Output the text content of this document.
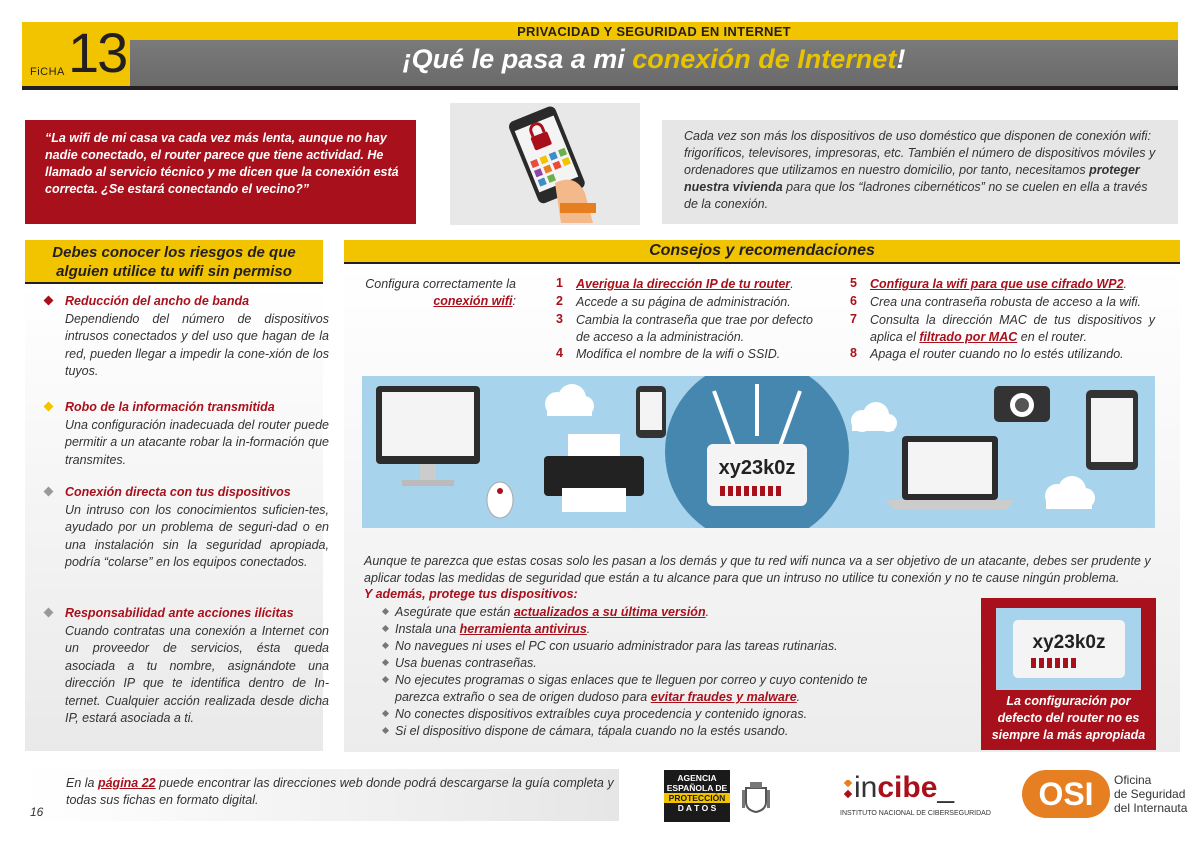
FiCHA 13	PRIVACIDAD Y SEGURIDAD EN INTERNET
¡Qué le pasa a mi conexión de Internet!
“La wifi de mi casa va cada vez más lenta, aunque no hay nadie conectado, el router parece que tiene actividad. He llamado al servicio técnico y me dicen que la conexión está correcta. ¿Se estará conectando el vecino?”
Cada vez son más los dispositivos de uso doméstico que disponen de conexión wifi: frigoríficos, televisores, impresoras, etc. También el número de dispositivos móviles y ordenadores que utilizamos en nuestro domicilio, por tanto, necesitamos proteger nuestra vivienda para que los “ladrones cibernéticos” no se cuelen en ella a través de la conexión.
Debes conocer los riesgos de que alguien utilice tu wifi sin permiso
Reducción del ancho de banda
Dependiendo del número de dispositivos intrusos conectados y del uso que hagan de la red, pueden llegar a impedir la cone-xión de los tuyos.
Robo de la información transmitida
Una configuración inadecuada del router puede permitir a un atacante robar la in-formación que transmites.
Conexión directa con tus dispositivos
Un intruso con los conocimientos suficien-tes, ayudado por un problema de seguri-dad o en una instalación sin la seguridad apropiada, podría “colarse” en los equipos conectados.
Responsabilidad ante acciones ilícitas
Cuando contratas una conexión a Internet con un proveedor de servicios, ésta queda asociada a tu nombre, asignándote una dirección IP que te identifica dentro de In-ternet. Cualquier acción realizada desde dicha IP, estará asociada a ti.
Consejos y recomendaciones
Configura correctamente la conexión wifi:
1 Averigua la dirección IP de tu router.
2 Accede a su página de administración.
3 Cambia la contraseña que trae por defecto de acceso a la administración.
4 Modifica el nombre de la wifi o SSID.
5 Configura la wifi para que use cifrado WP2.
6 Crea una contraseña robusta de acceso a la wifi.
7 Consulta la dirección MAC de tus dispositivos y aplica el filtrado por MAC en el router.
8 Apaga el router cuando no lo estés utilizando.
xy23k0z
Aunque te parezca que estas cosas solo les pasan a los demás y que tu red wifi nunca va a ser objetivo de un atacante, debes ser prudente y aplicar todas las medidas de seguridad que están a tu alcance para que un intruso no utilice tu conexión y no te cause ningún problema.
Y además, protege tus dispositivos:
Asegúrate que están actualizados a su última versión.
Instala una herramienta antivirus.
No navegues ni uses el PC con usuario administrador para las tareas rutinarias.
Usa buenas contraseñas.
No ejecutes programas o sigas enlaces que te lleguen por correo y cuyo contenido te parezca extraño o sea de origen dudoso para evitar fraudes y malware.
No conectes dispositivos extraíbles cuya procedencia y contenido ignoras.
Si el dispositivo dispone de cámara, tápala cuando no la estés usando.
xy23k0z
La configuración por defecto del router no es siempre la más apropiada
En la página 22 puede encontrar las direcciones web donde podrá descargarse la guía completa y todas sus fichas en formato digital.
16
AGENCIA
ESPAÑOLA DE
PROTECCIÓN
D A T O S
incibe_
INSTITUTO NACIONAL DE CIBERSEGURIDAD
OSI	Oficina
de Seguridad
del Internauta
